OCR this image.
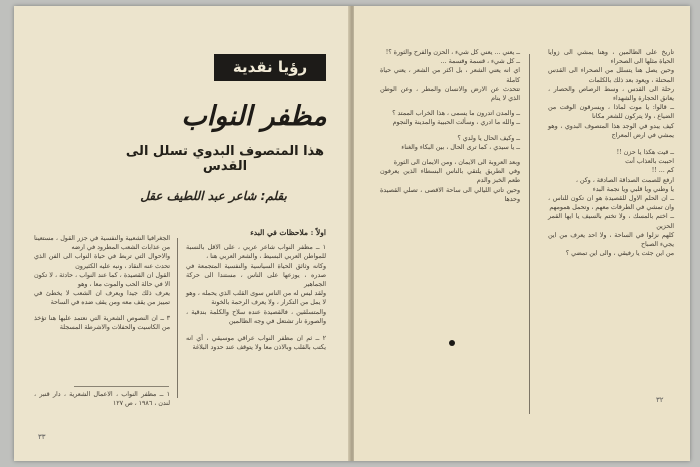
رؤيا نقدية
مظفر النواب
هذا المتصوف البدوي تسلل الى القدس
بقلم: شاعر عبد اللطيف عقل

اولاً : ملاحظات في البدء

١ ــ مظفر النواب شاعر عربي ، على الاقل بالنسبة للمواطن العربي البسيط ، والشعر العربي هنا ،

وكانه وثائق الحياة السياسية والنفسية المتجمعة في صدره ، يوزعها على الناس ، مستندا الى حركة الجماهير

ولقد ليس له من الناس سوى القلب الذي يحمله ، وهو لا يمل من التكرار ، ولا يعرف الرحمة بالخونة

والمتسلقين ، فالقصيدة عنده سلاح والكلمة بندقية ، والصورة نار تشتعل في وجه الظالمين

٢ ــ ثم ان مظفر النواب عراقي موسيقي ، أي انه يكتب بالقلب وبالاذن معا ولا يتوقف عند حدود البلاغة

الجغرافيا الشعبية والنفسية في جزر القول ، مستعينا من عذابات الشعب المطرود في ارضه

والاحوال التي تربط في حياة النواب الى الفن الذي تحدث عنه النقاد ، ونبه عليه الكثيرون

القول ان القصيدة ، كما عند النواب ، حادثة ، لا تكون الا في حالة الحب والموت معا ، وهو

يعرف ذلك جيدا ويعرف ان الشعب لا يخطئ في تمييز من يقف معه ومن يقف ضده في الساحة

٣ ــ ان النصوص الشعرية التي نعتمد عليها هنا تؤخذ من الكاسيت والحفلات والاشرطة المسجلة

١ ــ مظفر النواب ، الاعمال الشعرية ، دار قنبر ، لندن ، ١٩٨٦ ، ص ١٢٧

٣٣

تاريخ على الظالمين ، وهنا يمشي الى زوايا الحياة مثلها الى الصحراء

وحين يصل هنا يتسلل من الصحراء الى القدس المحتلة ، ويعود بعد ذلك بالكلمات

رحلة الى القدس ، وسط الرصاص والحصار ، يعانق الحجارة والشهداء

ــ قالوا: يا موت لماذا ، ويسرقون الوقت من الضياع ، ولا يتركون للشعر مكانا

كيف يبدو في الوجد هذا المتصوف البدوي ، وهو يمشي في ارض المعراج

ــ قيت هكذا يا حزن !!

احببت بالعذاب أنت

كم ... !!

ارفع للصمت الصداقة الصادقة ، وكن ،

يا وطني ويا قلبي ويا نجمة البدء

ــ ان الحلم الاول للقصيدة هو ان تكون للناس ، وان تمشي في الطرقات معهم ، وتحمل همومهم

ــ اختم بالمسك ، ولا تختم بالسيف يا ايها القمر الحزين

كلهم نزلوا في الساحة ، ولا احد يعرف من اين يجيء الصباح

من اين جئت يا رفيقي ، والى اين تمضي ؟

ــ يعني ... يعني كل شيء ، الحزن والفرح والثورة ؟!

ــ كل شيء ، قسمة وقسمة ...

اي انه يعني الشعر ، بل اكثر من الشعر ، يعني حياة كاملة

تتحدث عن الارض والانسان والمطر ، وعن الوطن الذي لا ينام

ــ والمدن اتدرون ما يسمى ، هذا الخراب الممتد ؟

ــ والله ما ادري ، وسألت الحبيبة والمدينة والنجوم

ــ وكيف الحال يا ولدي ؟

ــ يا سيدي ، كما ترى الحال ، بين البكاء والغناء

وبعد العروبة الى الايمان ، ومن الايمان الى الثورة

وفي الطريق يلتقي بالناس البسطاء الذين يعرفون طعم الخبز والدم

وحين تاتي الليالي الى ساحة الاقصى ، تصلي القصيدة وحدها

٣٢
